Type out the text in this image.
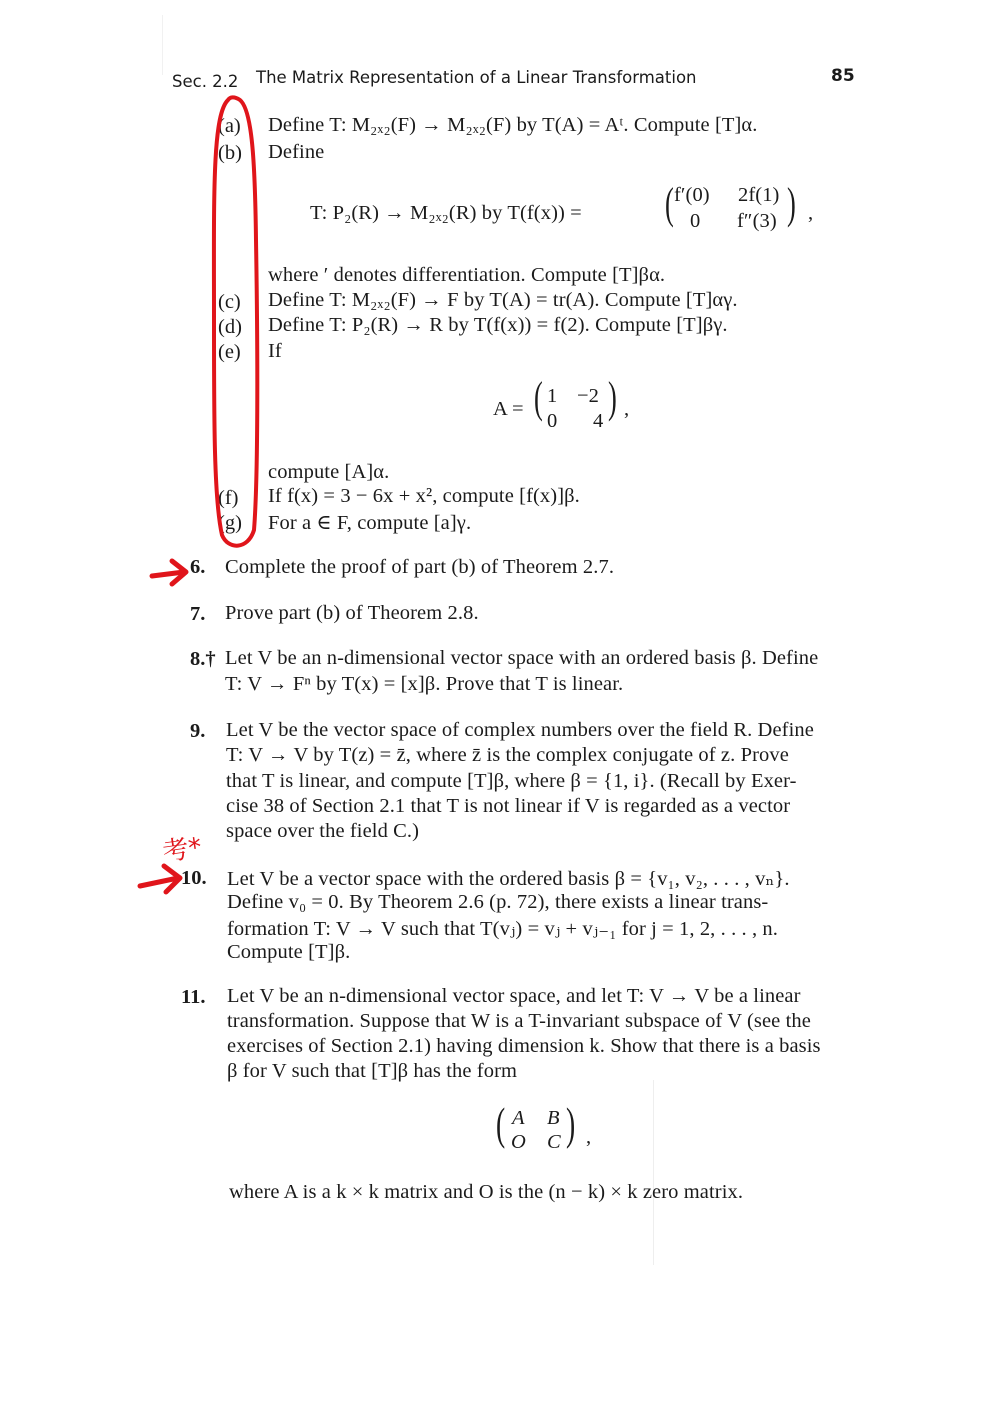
Sec. 2.2 The Matrix Representation of a Linear Transformation	85
(a) Define T: M₂ₓ₂(F) → M₂ₓ₂(F) by T(A) = Aᵗ. Compute [T]α.
(b) Define
T: P₂(R) → M₂ₓ₂(R) by T(f(x)) = ( f′(0) 2f(1)
0 f″(3) ) ,
where ′ denotes differentiation. Compute [T]βα.
(c) Define T: M₂ₓ₂(F) → F by T(A) = tr(A). Compute [T]αγ.
(d) Define T: P₂(R) → R by T(f(x)) = f(2). Compute [T]βγ.
(e) If
A = ( 1 −2
0 4 ) ,
compute [A]α.
(f) If f(x) = 3 − 6x + x², compute [f(x)]β.
(g) For a ∈ F, compute [a]γ.
6. Complete the proof of part (b) of Theorem 2.7.
7. Prove part (b) of Theorem 2.8.
8.† Let V be an n-dimensional vector space with an ordered basis β. Define
T: V → Fⁿ by T(x) = [x]β. Prove that T is linear.
9. Let V be the vector space of complex numbers over the field R. Define
T: V → V by T(z) = z̄, where z̄ is the complex conjugate of z. Prove
that T is linear, and compute [T]β, where β = {1, i}. (Recall by Exer-
cise 38 of Section 2.1 that T is not linear if V is regarded as a vector
space over the field C.)
10. Let V be a vector space with the ordered basis β = {v₁, v₂, . . . , vₙ}.
Define v₀ = 0. By Theorem 2.6 (p. 72), there exists a linear trans-
formation T: V → V such that T(vⱼ) = vⱼ + vⱼ₋₁ for j = 1, 2, . . . , n.
Compute [T]β.
11. Let V be an n-dimensional vector space, and let T: V → V be a linear
transformation. Suppose that W is a T-invariant subspace of V (see the
exercises of Section 2.1) having dimension k. Show that there is a basis
β for V such that [T]β has the form
( A B
O C ) ,
where A is a k × k matrix and O is the (n − k) × k zero matrix.
考*
